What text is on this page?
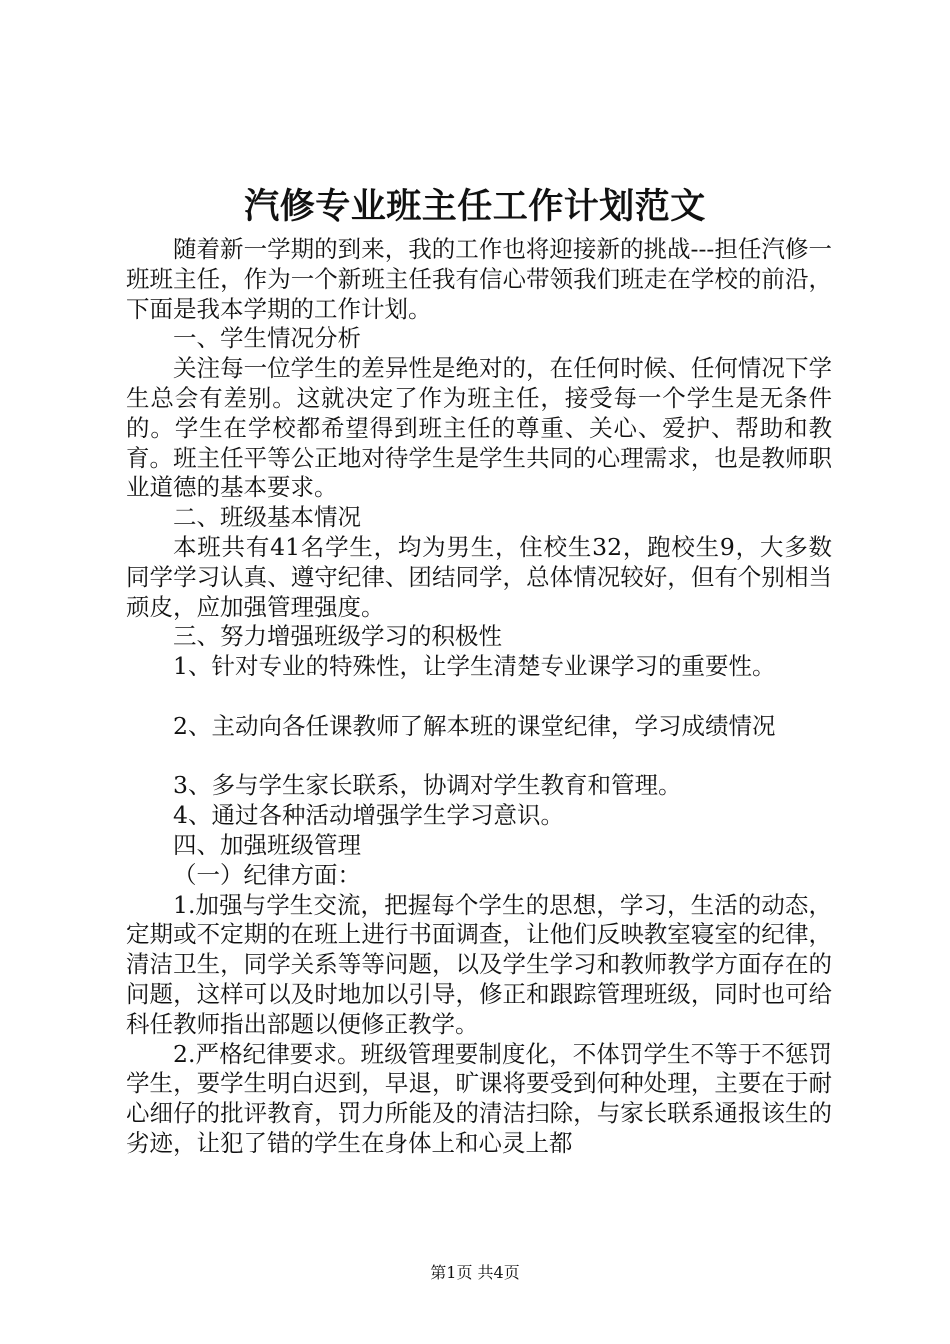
汽修专业班主任工作计划范文

随着新一学期的到来，我的工作也将迎接新的挑战---担任汽修一班班主任，作为一个新班主任我有信心带领我们班走在学校的前沿，下面是我本学期的工作计划。

一、学生情况分析

关注每一位学生的差异性是绝对的，在任何时候、任何情况下学生总会有差别。这就决定了作为班主任，接受每一个学生是无条件的。学生在学校都希望得到班主任的尊重、关心、爱护、帮助和教育。班主任平等公正地对待学生是学生共同的心理需求，也是教师职业道德的基本要求。

二、班级基本情况

本班共有41名学生，均为男生，住校生32，跑校生9，大多数同学学习认真、遵守纪律、团结同学，总体情况较好，但有个别相当顽皮，应加强管理强度。

三、努力增强班级学习的积极性

1、针对专业的特殊性，让学生清楚专业课学习的重要性。

2、主动向各任课教师了解本班的课堂纪律，学习成绩情况

3、多与学生家长联系，协调对学生教育和管理。

4、通过各种活动增强学生学习意识。

四、加强班级管理

（一）纪律方面：

1.加强与学生交流，把握每个学生的思想，学习，生活的动态，定期或不定期的在班上进行书面调查，让他们反映教室寝室的纪律，清洁卫生，同学关系等等问题，以及学生学习和教师教学方面存在的问题，这样可以及时地加以引导，修正和跟踪管理班级，同时也可给科任教师指出部题以便修正教学。

2.严格纪律要求。班级管理要制度化，不体罚学生不等于不惩罚学生，要学生明白迟到，早退，旷课将要受到何种处理，主要在于耐心细仔的批评教育，罚力所能及的清洁扫除，与家长联系通报该生的劣迹，让犯了错的学生在身体上和心灵上都

第1页 共4页
